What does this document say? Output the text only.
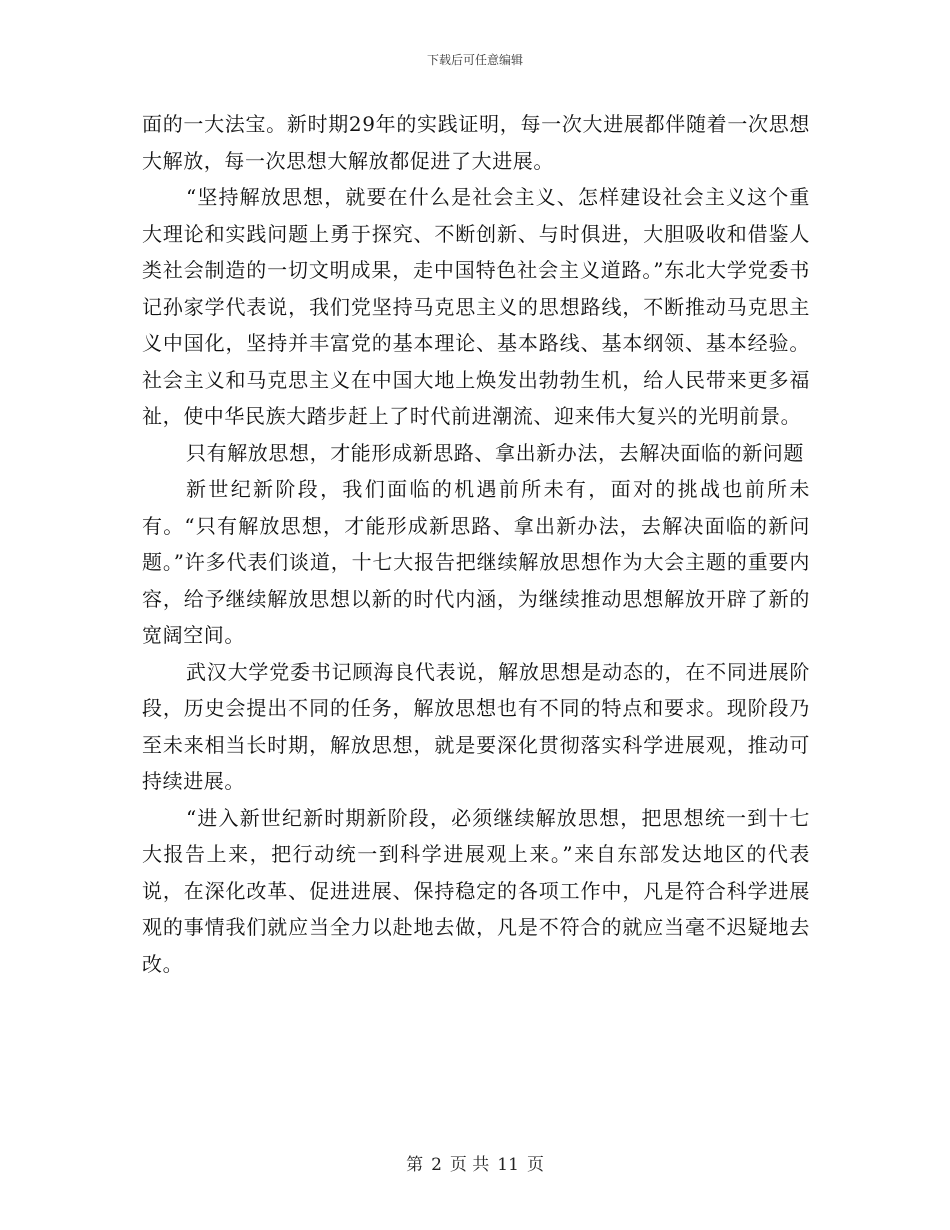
下载后可任意编辑

面的一大法宝。新时期29年的实践证明，每一次大进展都伴随着一次思想大解放，每一次思想大解放都促进了大进展。

“坚持解放思想，就要在什么是社会主义、怎样建设社会主义这个重大理论和实践问题上勇于探究、不断创新、与时俱进，大胆吸收和借鉴人类社会制造的一切文明成果，走中国特色社会主义道路。”东北大学党委书记孙家学代表说，我们党坚持马克思主义的思想路线，不断推动马克思主义中国化，坚持并丰富党的基本理论、基本路线、基本纲领、基本经验。社会主义和马克思主义在中国大地上焕发出勃勃生机，给人民带来更多福祉，使中华民族大踏步赶上了时代前进潮流、迎来伟大复兴的光明前景。

只有解放思想，才能形成新思路、拿出新办法，去解决面临的新问题

新世纪新阶段，我们面临的机遇前所未有，面对的挑战也前所未有。“只有解放思想，才能形成新思路、拿出新办法，去解决面临的新问题。”许多代表们谈道，十七大报告把继续解放思想作为大会主题的重要内容，给予继续解放思想以新的时代内涵，为继续推动思想解放开辟了新的宽阔空间。

武汉大学党委书记顾海良代表说，解放思想是动态的，在不同进展阶段，历史会提出不同的任务，解放思想也有不同的特点和要求。现阶段乃至未来相当长时期，解放思想，就是要深化贯彻落实科学进展观，推动可持续进展。

“进入新世纪新时期新阶段，必须继续解放思想，把思想统一到十七大报告上来，把行动统一到科学进展观上来。”来自东部发达地区的代表说，在深化改革、促进进展、保持稳定的各项工作中，凡是符合科学进展观的事情我们就应当全力以赴地去做，凡是不符合的就应当毫不迟疑地去改。

第 2 页 共 11 页
